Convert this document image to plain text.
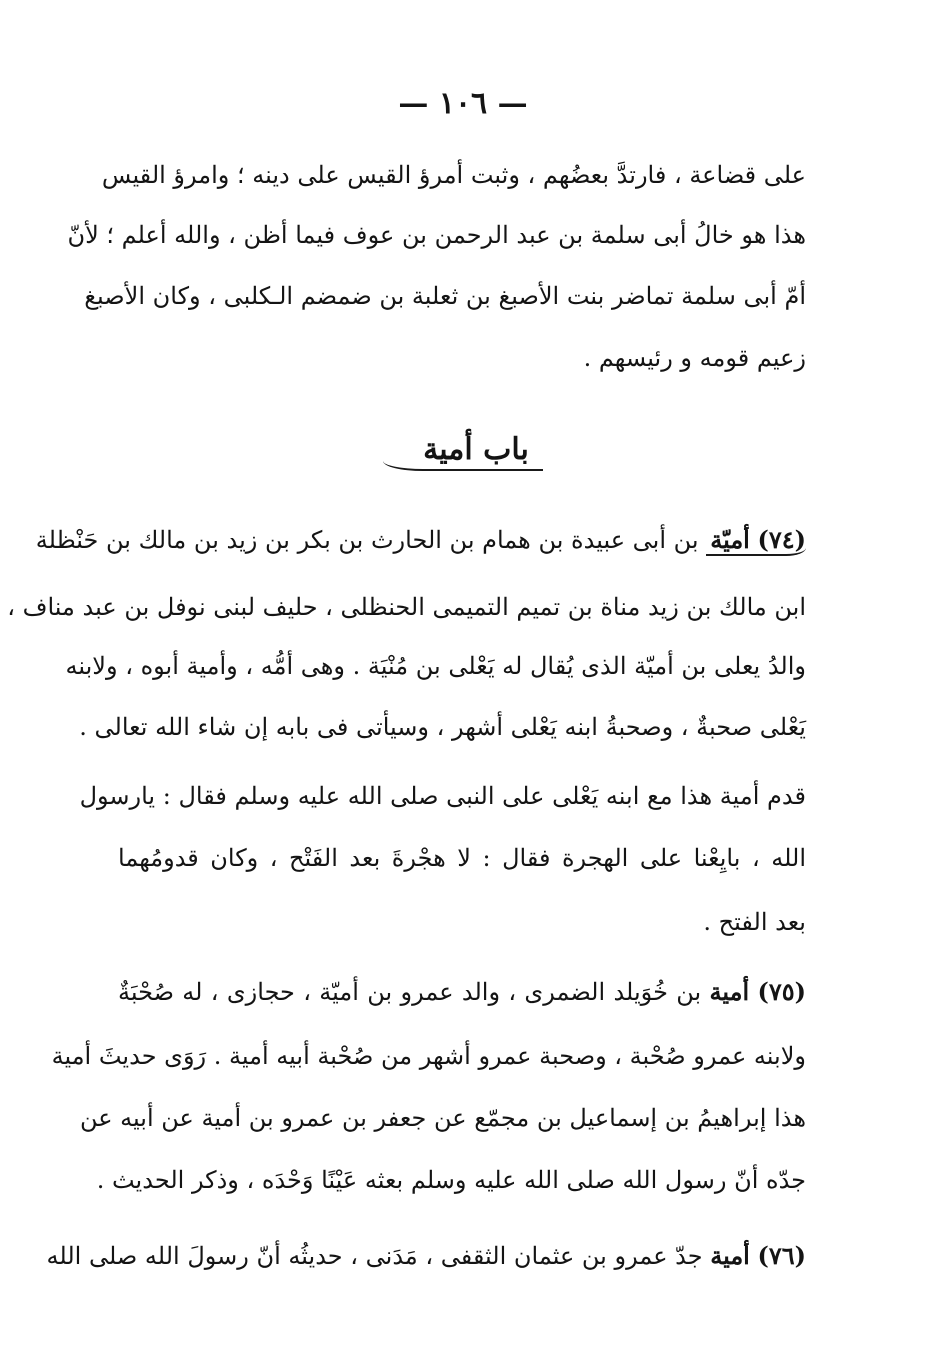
— ١٠٦ —
على قضاعة ، فارتدَّ بعضُهم ، وثبت أمرؤ القيس على دينه ؛ وامرؤ القيس
هذا هو خالُ أبى سلمة بن عبد الرحمن بن عوف فيما أظن ، والله أعلم ؛ لأنّ
أمّ أبى سلمة تماضر بنت الأصبغ بن ثعلبة بن ضمضم الـكلبى ، وكان الأصبغ
زعيم قومه و رئيسهم .
باب أمية
(٧٤) أميّة بن أبى عبيدة بن همام بن الحارث بن بكر بن زيد بن مالك بن حَنْظلة
ابن مالك بن زيد مناة بن تميم التميمى الحنظلى ، حليف لبنى نوفل بن عبد مناف ،
والدُ يعلى بن أميّة الذى يُقال له يَعْلى بن مُنْيَة . وهى أمُّه ، وأمية أبوه ، ولابنه
يَعْلى صحبةٌ ، وصحبةُ ابنه يَعْلى أشهر ، وسيأتى فى بابه إن شاء الله تعالى .
قدم أمية هذا مع ابنه يَعْلى على النبى صلى الله عليه وسلم فقال : يارسول
الله ، بايِعْنا على الهجرة فقال : لا هجْرةَ بعد الفَتْح ، وكان قدومُهما
بعد الفتح .
(٧٥) أمية بن خُوَيلد الضمرى ، والد عمرو بن أميّة ، حجازى ، له صُحْبَةٌ
ولابنه عمرو صُحْبة ، وصحبة عمرو أشهر من صُحْبة أبيه أمية . رَوَى حديثَ أمية
هذا إبراهيمُ بن إسماعيل بن مجمّع عن جعفر بن عمرو بن أمية عن أبيه عن
جدّه أنّ رسول الله صلى الله عليه وسلم بعثه عَيْنًا وَحْدَه ، وذكر الحديث .
(٧٦) أمية جدّ عمرو بن عثمان الثقفى ، مَدَنى ، حديثُه أنّ رسولَ الله صلى الله
